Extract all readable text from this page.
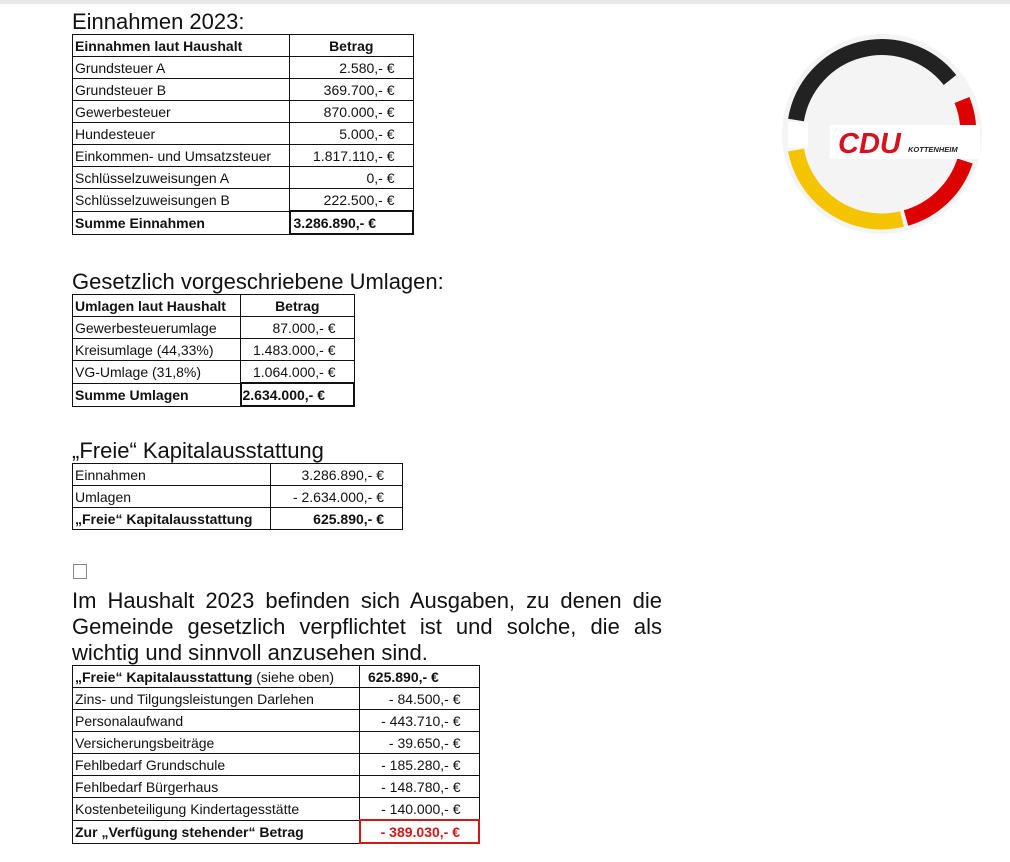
Einnahmen 2023:
Einnahmen laut Haushalt	Betrag
Grundsteuer A	2.580,- €
Grundsteuer B	369.700,- €
Gewerbesteuer	870.000,- €
Hundesteuer	5.000,- €
Einkommen- und Umsatzsteuer	1.817.110,- €
Schlüsselzuweisungen A	0,- €
Schlüsselzuweisungen B	222.500,- €
Summe Einnahmen	3.286.890,- €
Gesetzlich vorgeschriebene Umlagen:
Umlagen laut Haushalt	Betrag
Gewerbesteuerumlage	87.000,- €
Kreisumlage (44,33%)	1.483.000,- €
VG-Umlage (31,8%)	1.064.000,- €
Summe Umlagen	2.634.000,- €
„Freie“ Kapitalausstattung
Einnahmen	3.286.890,- €
Umlagen	- 2.634.000,- €
„Freie“ Kapitalausstattung	625.890,- €
Im Haushalt 2023 befinden sich Ausgaben, zu denen die Gemeinde gesetzlich verpflichtet ist und solche, die als wichtig und sinnvoll anzusehen sind.
„Freie“ Kapitalausstattung (siehe oben)	625.890,- €
Zins- und Tilgungsleistungen Darlehen	- 84.500,- €
Personalaufwand	- 443.710,- €
Versicherungsbeiträge	- 39.650,- €
Fehlbedarf Grundschule	- 185.280,- €
Fehlbedarf Bürgerhaus	- 148.780,- €
Kostenbeteiligung Kindertagesstätte	- 140.000,- €
Zur „Verfügung stehender“ Betrag	- 389.030,- €
CDU KOTTENHEIM
